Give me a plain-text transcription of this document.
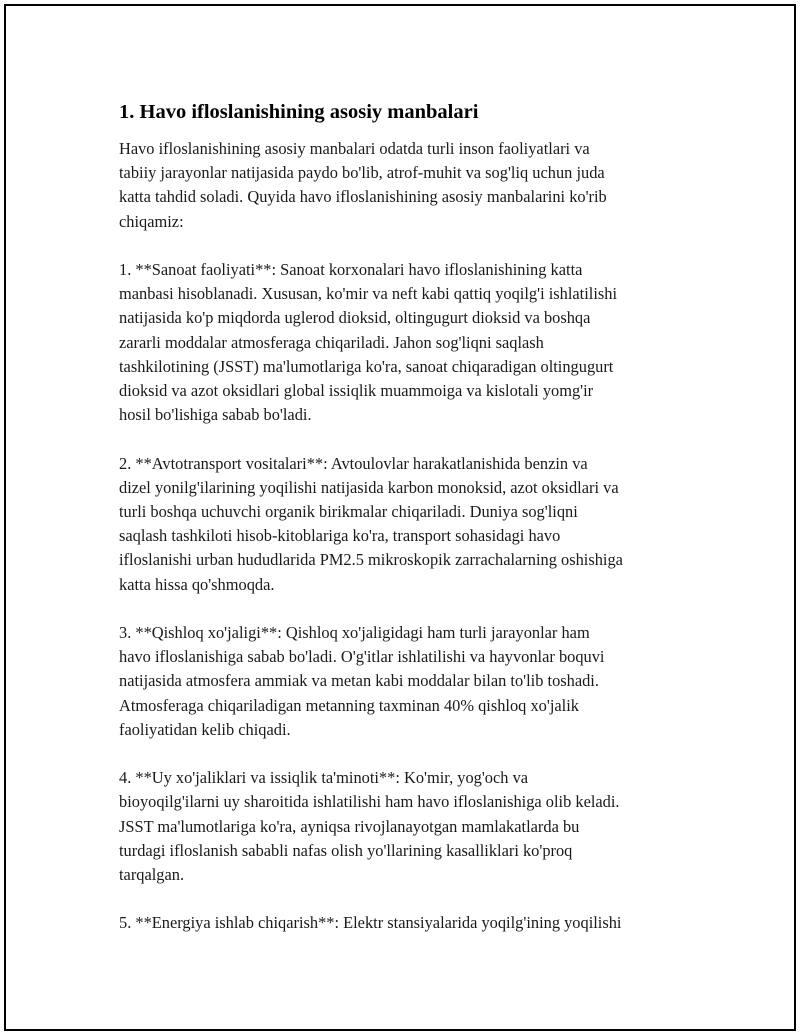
1. Havo ifloslanishining asosiy manbalari

Havo ifloslanishining asosiy manbalari odatda turli inson faoliyatlari va
tabiiy jarayonlar natijasida paydo bo'lib, atrof-muhit va sog'liq uchun juda
katta tahdid soladi. Quyida havo ifloslanishining asosiy manbalarini ko'rib
chiqamiz:

1. **Sanoat faoliyati**: Sanoat korxonalari havo ifloslanishining katta
manbasi hisoblanadi. Xususan, ko'mir va neft kabi qattiq yoqilg'i ishlatilishi
natijasida ko'p miqdorda uglerod dioksid, oltingugurt dioksid va boshqa
zararli moddalar atmosferaga chiqariladi. Jahon sog'liqni saqlash
tashkilotining (JSST) ma'lumotlariga ko'ra, sanoat chiqaradigan oltingugurt
dioksid va azot oksidlari global issiqlik muammoiga va kislotali yomg'ir
hosil bo'lishiga sabab bo'ladi.

2. **Avtotransport vositalari**: Avtoulovlar harakatlanishida benzin va
dizel yonilg'ilarining yoqilishi natijasida karbon monoksid, azot oksidlari va
turli boshqa uchuvchi organik birikmalar chiqariladi. Duniya sog'liqni
saqlash tashkiloti hisob-kitoblariga ko'ra, transport sohasidagi havo
ifloslanishi urban hududlarida PM2.5 mikroskopik zarrachalarning oshishiga
katta hissa qo'shmoqda.

3. **Qishloq xo'jaligi**: Qishloq xo'jaligidagi ham turli jarayonlar ham
havo ifloslanishiga sabab bo'ladi. O'g'itlar ishlatilishi va hayvonlar boquvi
natijasida atmosfera ammiak va metan kabi moddalar bilan to'lib toshadi.
Atmosferaga chiqariladigan metanning taxminan 40% qishloq xo'jalik
faoliyatidan kelib chiqadi.

4. **Uy xo'jaliklari va issiqlik ta'minoti**: Ko'mir, yog'och va
bioyoqilg'ilarni uy sharoitida ishlatilishi ham havo ifloslanishiga olib keladi.
JSST ma'lumotlariga ko'ra, ayniqsa rivojlanayotgan mamlakatlarda bu
turdagi ifloslanish sababli nafas olish yo'llarining kasalliklari ko'proq
tarqalgan.

5. **Energiya ishlab chiqarish**: Elektr stansiyalarida yoqilg'ining yoqilishi
